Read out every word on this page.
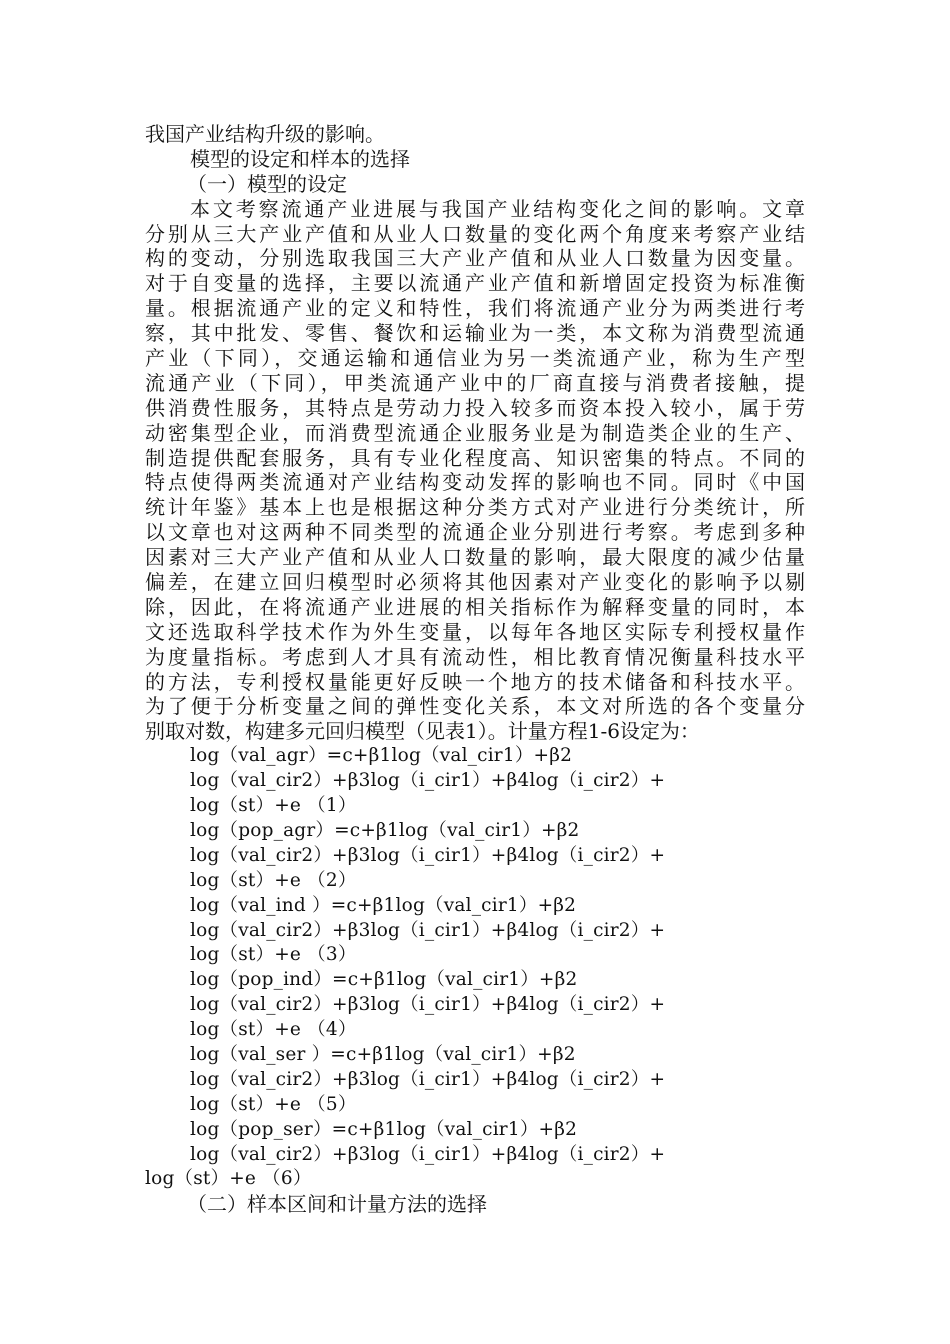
我国产业结构升级的影响。
模型的设定和样本的选择
（一）模型的设定
本文考察流通产业进展与我国产业结构变化之间的影响。文章
分别从三大产业产值和从业人口数量的变化两个角度来考察产业结
构的变动，分别选取我国三大产业产值和从业人口数量为因变量。
对于自变量的选择，主要以流通产业产值和新增固定投资为标准衡
量。根据流通产业的定义和特性，我们将流通产业分为两类进行考
察，其中批发、零售、餐饮和运输业为一类，本文称为消费型流通
产业（下同），交通运输和通信业为另一类流通产业，称为生产型
流通产业（下同），甲类流通产业中的厂商直接与消费者接触，提
供消费性服务，其特点是劳动力投入较多而资本投入较小，属于劳
动密集型企业，而消费型流通企业服务业是为制造类企业的生产、
制造提供配套服务，具有专业化程度高、知识密集的特点。不同的
特点使得两类流通对产业结构变动发挥的影响也不同。同时《中国
统计年鉴》基本上也是根据这种分类方式对产业进行分类统计，所
以文章也对这两种不同类型的流通企业分别进行考察。考虑到多种
因素对三大产业产值和从业人口数量的影响，最大限度的减少估量
偏差，在建立回归模型时必须将其他因素对产业变化的影响予以剔
除，因此，在将流通产业进展的相关指标作为解释变量的同时，本
文还选取科学技术作为外生变量，以每年各地区实际专利授权量作
为度量指标。考虑到人才具有流动性，相比教育情况衡量科技水平
的方法，专利授权量能更好反映一个地方的技术储备和科技水平。
为了便于分析变量之间的弹性变化关系，本文对所选的各个变量分
别取对数，构建多元回归模型（见表1）。计量方程1-6设定为：
log（val_agr）=c+β1log（val_cir1）+β2
log（val_cir2）+β3log（i_cir1）+β4log（i_cir2）+
log（st）+e （1）
log（pop_agr）=c+β1log（val_cir1）+β2
log（val_cir2）+β3log（i_cir1）+β4log（i_cir2）+
log（st）+e （2）
log（val_ind ）=c+β1log（val_cir1）+β2
log（val_cir2）+β3log（i_cir1）+β4log（i_cir2）+
log（st）+e （3）
log（pop_ind）=c+β1log（val_cir1）+β2
log（val_cir2）+β3log（i_cir1）+β4log（i_cir2）+
log（st）+e （4）
log（val_ser ）=c+β1log（val_cir1）+β2
log（val_cir2）+β3log（i_cir1）+β4log（i_cir2）+
log（st）+e （5）
log（pop_ser）=c+β1log（val_cir1）+β2
log（val_cir2）+β3log（i_cir1）+β4log（i_cir2）+
log（st）+e （6）
（二）样本区间和计量方法的选择
